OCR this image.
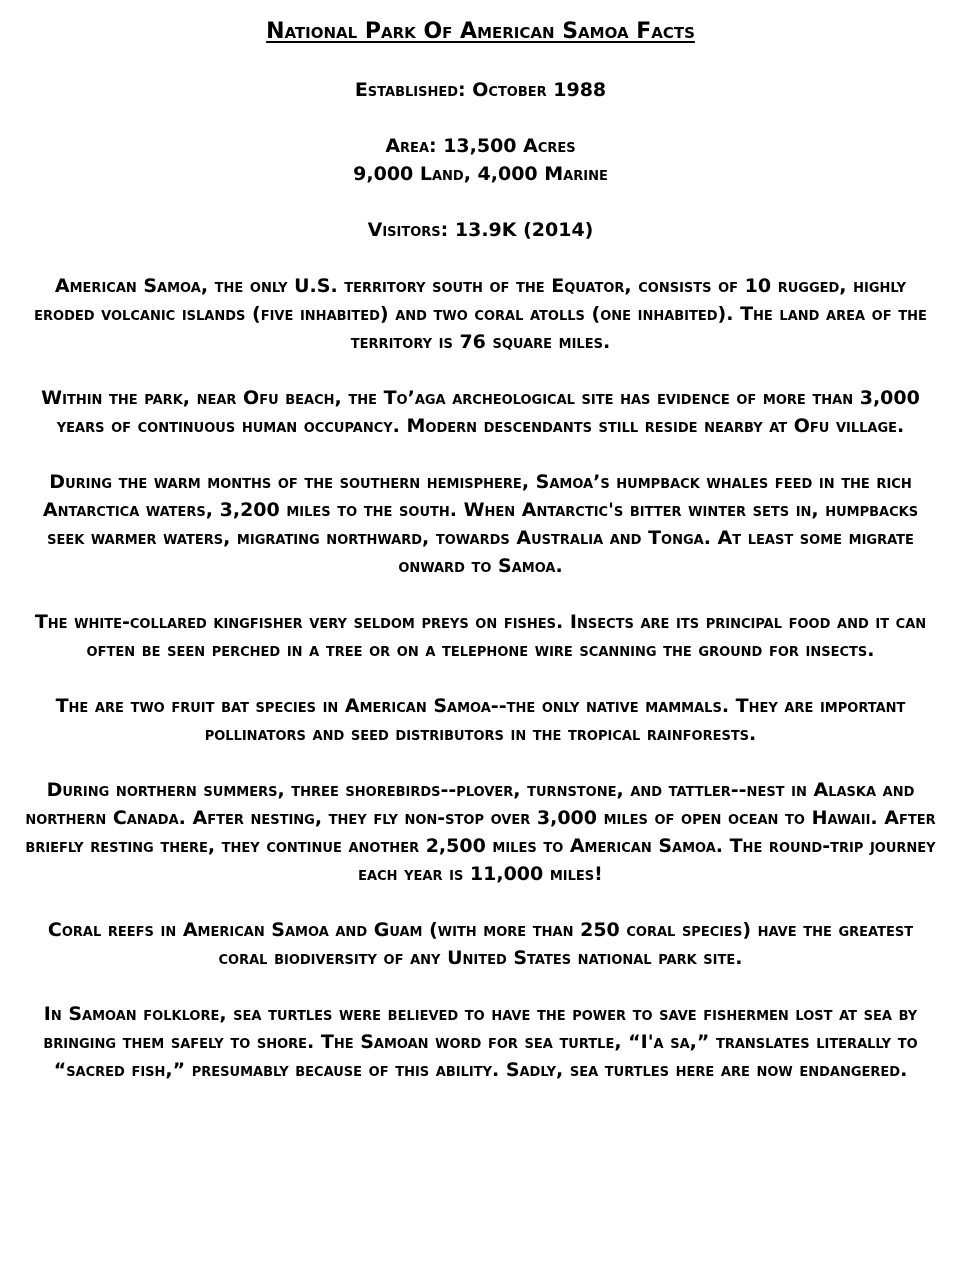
National Park Of American Samoa Facts

Established: October 1988

Area: 13,500 Acres
9,000 Land, 4,000 Marine

Visitors: 13.9K (2014)

American Samoa, the only U.S. territory south of the Equator, consists of 10 rugged, highly eroded volcanic islands (five inhabited) and two coral atolls (one inhabited). The land area of the territory is 76 square miles.

Within the park, near Ofu beach, the To’aga archeological site has evidence of more than 3,000 years of continuous human occupancy. Modern descendants still reside nearby at Ofu village.

During the warm months of the southern hemisphere, Samoa’s humpback whales feed in the rich Antarctica waters, 3,200 miles to the south. When Antarctic's bitter winter sets in, humpbacks seek warmer waters, migrating northward, towards Australia and Tonga. At least some migrate onward to Samoa.

The white-collared kingfisher very seldom preys on fishes. Insects are its principal food and it can often be seen perched in a tree or on a telephone wire scanning the ground for insects.

The are two fruit bat species in American Samoa--the only native mammals. They are important pollinators and seed distributors in the tropical rainforests.

During northern summers, three shorebirds--plover, turnstone, and tattler--nest in Alaska and northern Canada. After nesting, they fly non-stop over 3,000 miles of open ocean to Hawaii. After briefly resting there, they continue another 2,500 miles to American Samoa. The round-trip journey each year is 11,000 miles!

Coral reefs in American Samoa and Guam (with more than 250 coral species) have the greatest coral biodiversity of any United States national park site.

In Samoan folklore, sea turtles were believed to have the power to save fishermen lost at sea by bringing them safely to shore. The Samoan word for sea turtle, “I'a sa,” translates literally to “sacred fish,” presumably because of this ability. Sadly, sea turtles here are now endangered.
